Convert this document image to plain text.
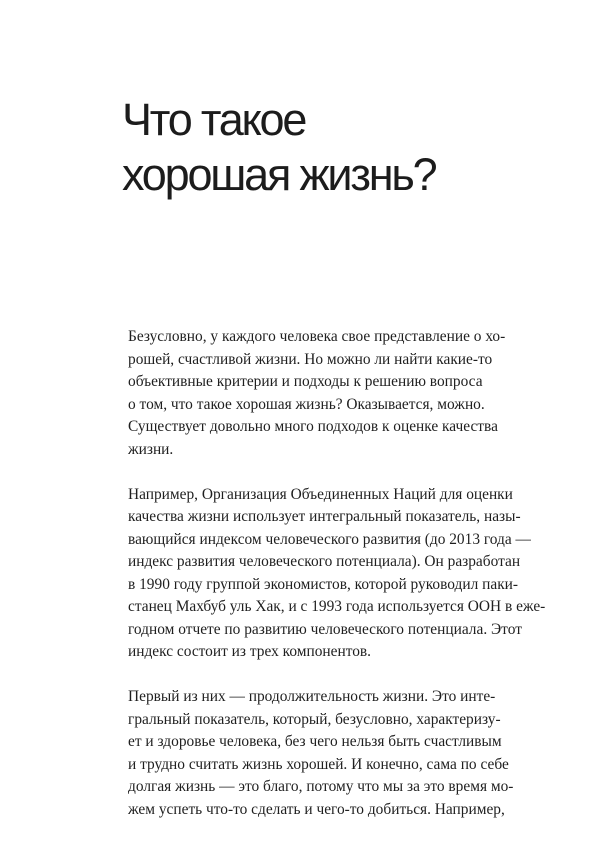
Что такое
хорошая жизнь?

Безусловно, у каждого человека свое представление о хо-
рошей, счастливой жизни. Но можно ли найти какие-то
объективные критерии и подходы к решению вопроса
о том, что такое хорошая жизнь? Оказывается, можно.
Существует довольно много подходов к оценке качества
жизни.

Например, Организация Объединенных Наций для оценки
качества жизни использует интегральный показатель, назы-
вающийся индексом человеческого развития (до 2013 года —
индекс развития человеческого потенциала). Он разработан
в 1990 году группой экономистов, которой руководил паки-
станец Махбуб уль Хак, и с 1993 года используется ООН в еже-
годном отчете по развитию человеческого потенциала. Этот
индекс состоит из трех компонентов.

Первый из них — продолжительность жизни. Это инте-
гральный показатель, который, безусловно, характеризу-
ет и здоровье человека, без чего нельзя быть счастливым
и трудно считать жизнь хорошей. И конечно, сама по себе
долгая жизнь — это благо, потому что мы за это время мо-
жем успеть что-то сделать и чего-то добиться. Например,
